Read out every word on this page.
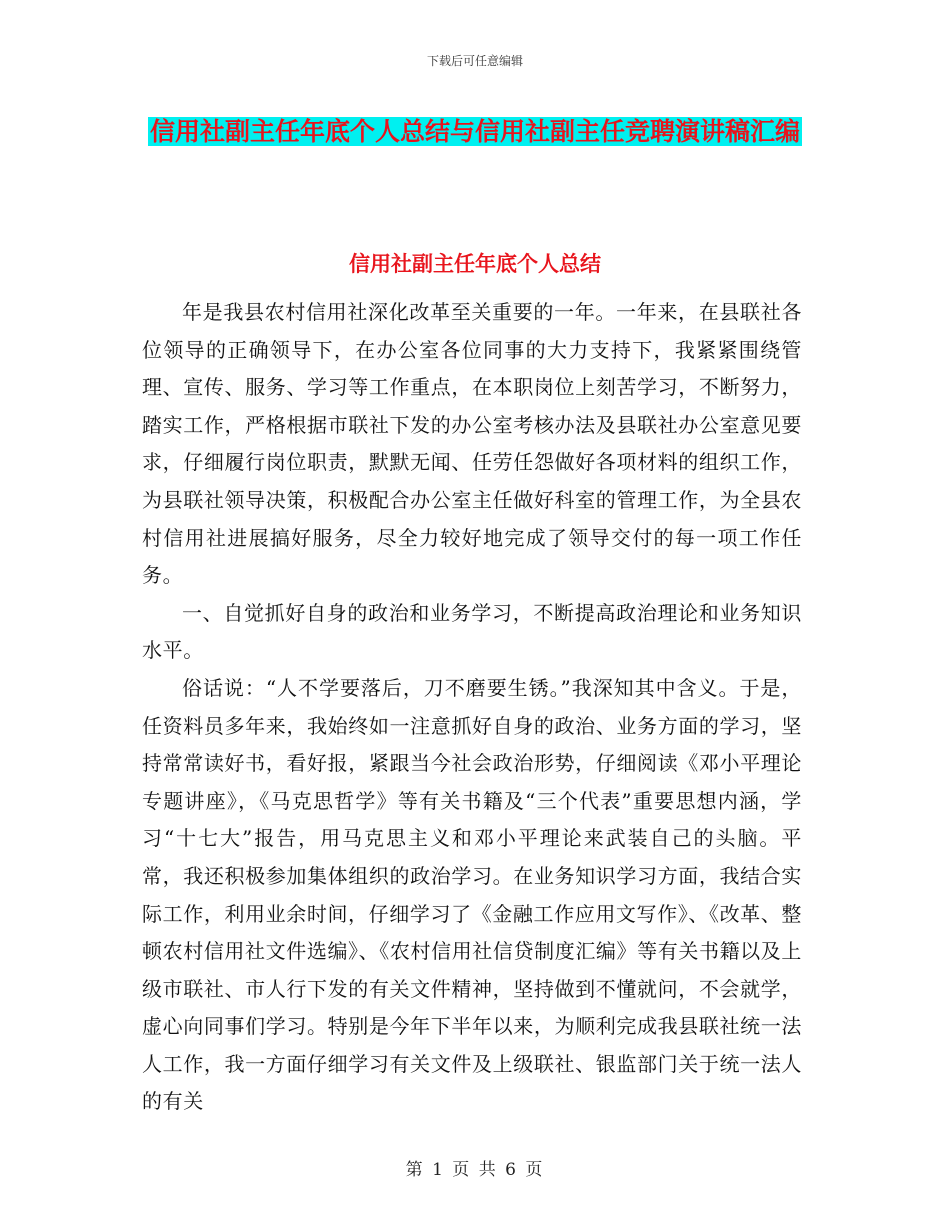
下载后可任意编辑
信用社副主任年底个人总结与信用社副主任竞聘演讲稿汇编
信用社副主任年底个人总结

年是我县农村信用社深化改革至关重要的一年。一年来，在县联社各位领导的正确领导下，在办公室各位同事的大力支持下，我紧紧围绕管理、宣传、服务、学习等工作重点，在本职岗位上刻苦学习，不断努力，踏实工作，严格根据市联社下发的办公室考核办法及县联社办公室意见要求，仔细履行岗位职责，默默无闻、任劳任怨做好各项材料的组织工作，为县联社领导决策，积极配合办公室主任做好科室的管理工作，为全县农村信用社进展搞好服务，尽全力较好地完成了领导交付的每一项工作任务。

一、自觉抓好自身的政治和业务学习，不断提高政治理论和业务知识水平。

俗话说：“人不学要落后，刀不磨要生锈。”我深知其中含义。于是，任资料员多年来，我始终如一注意抓好自身的政治、业务方面的学习，坚持常常读好书，看好报，紧跟当今社会政治形势，仔细阅读《邓小平理论专题讲座》，《马克思哲学》等有关书籍及“三个代表”重要思想内涵，学习“十七大”报告，用马克思主义和邓小平理论来武装自己的头脑。平常，我还积极参加集体组织的政治学习。在业务知识学习方面，我结合实际工作，利用业余时间，仔细学习了《金融工作应用文写作》、《改革、整顿农村信用社文件选编》、《农村信用社信贷制度汇编》等有关书籍以及上级市联社、市人行下发的有关文件精神，坚持做到不懂就问，不会就学，虚心向同事们学习。特别是今年下半年以来，为顺利完成我县联社统一法人工作，我一方面仔细学习有关文件及上级联社、银监部门关于统一法人的有关

第 1 页 共 6 页
